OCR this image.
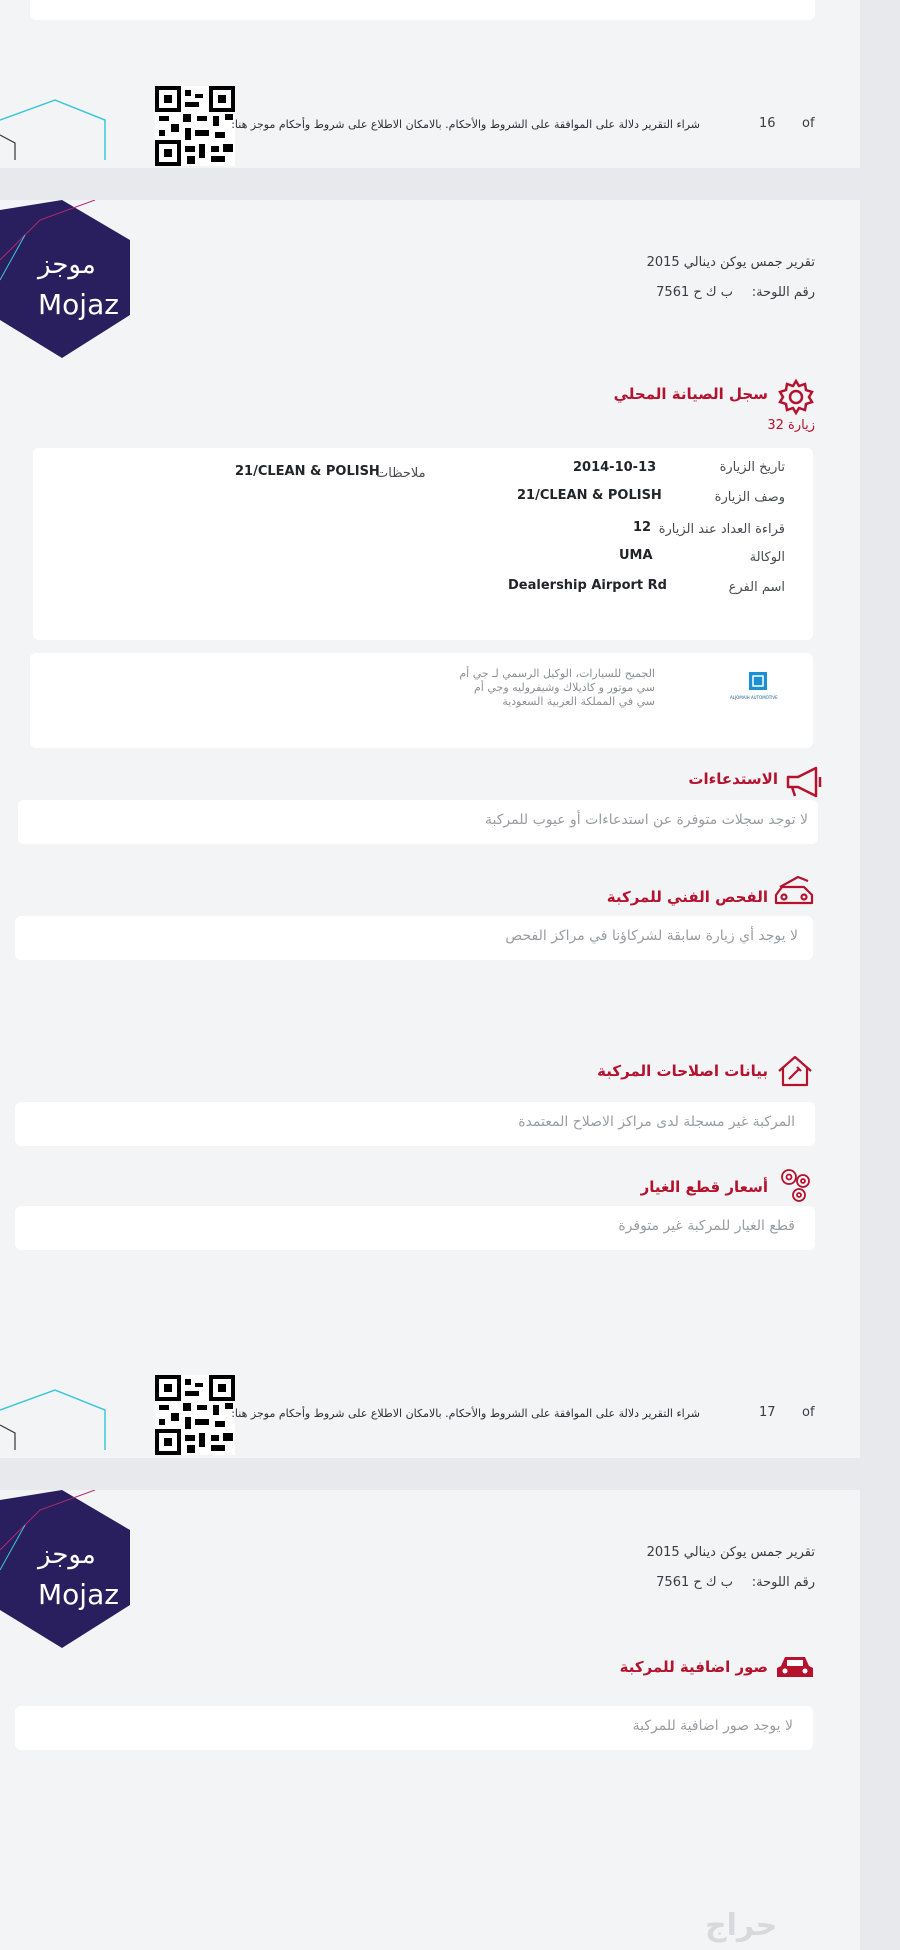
شراء التقرير دلالة على الموافقة على الشروط والأحكام. بالامكان الاطلاع على شروط وأحكام موجز هنا:	16 of
موجز
Mojaz
تقرير جمس يوكن دينالي 2015
رقم اللوحة:
ب ك ح 7561
سجل الصيانة المحلي
زيارة 32
تاريخ الزيارة
2014-10-13
وصف الزيارة
21/CLEAN & POLISH
قراءة العداد عند الزيارة
12
الوكالة
UMA
اسم الفرع
Dealership Airport Rd
ملاحظات
21/CLEAN & POLISH
ALJOMAIH AUTOMOTIVE
الجميح للسيارات، الوكيل الرسمي لـ جي أم
سي موتور و كاديلاك وشيفروليه وجي أم
سي في المملكة العربية السعودية
الاستدعاءات
لا توجد سجلات متوفرة عن استدعاءات أو عيوب للمركبة
الفحص الفني للمركبة
لا يوجد أي زيارة سابقة لشركاؤنا في مراكز الفحص
بيانات اصلاحات المركبة
المركبة غير مسجلة لدى مراكز الاصلاح المعتمدة
أسعار قطع الغيار
قطع الغيار للمركبة غير متوفرة
شراء التقرير دلالة على الموافقة على الشروط والأحكام. بالامكان الاطلاع على شروط وأحكام موجز هنا:	17 of
موجز
Mojaz
تقرير جمس يوكن دينالي 2015
رقم اللوحة:
ب ك ح 7561
صور اضافية للمركبة
لا يوجد صور اضافية للمركبة
حراج
